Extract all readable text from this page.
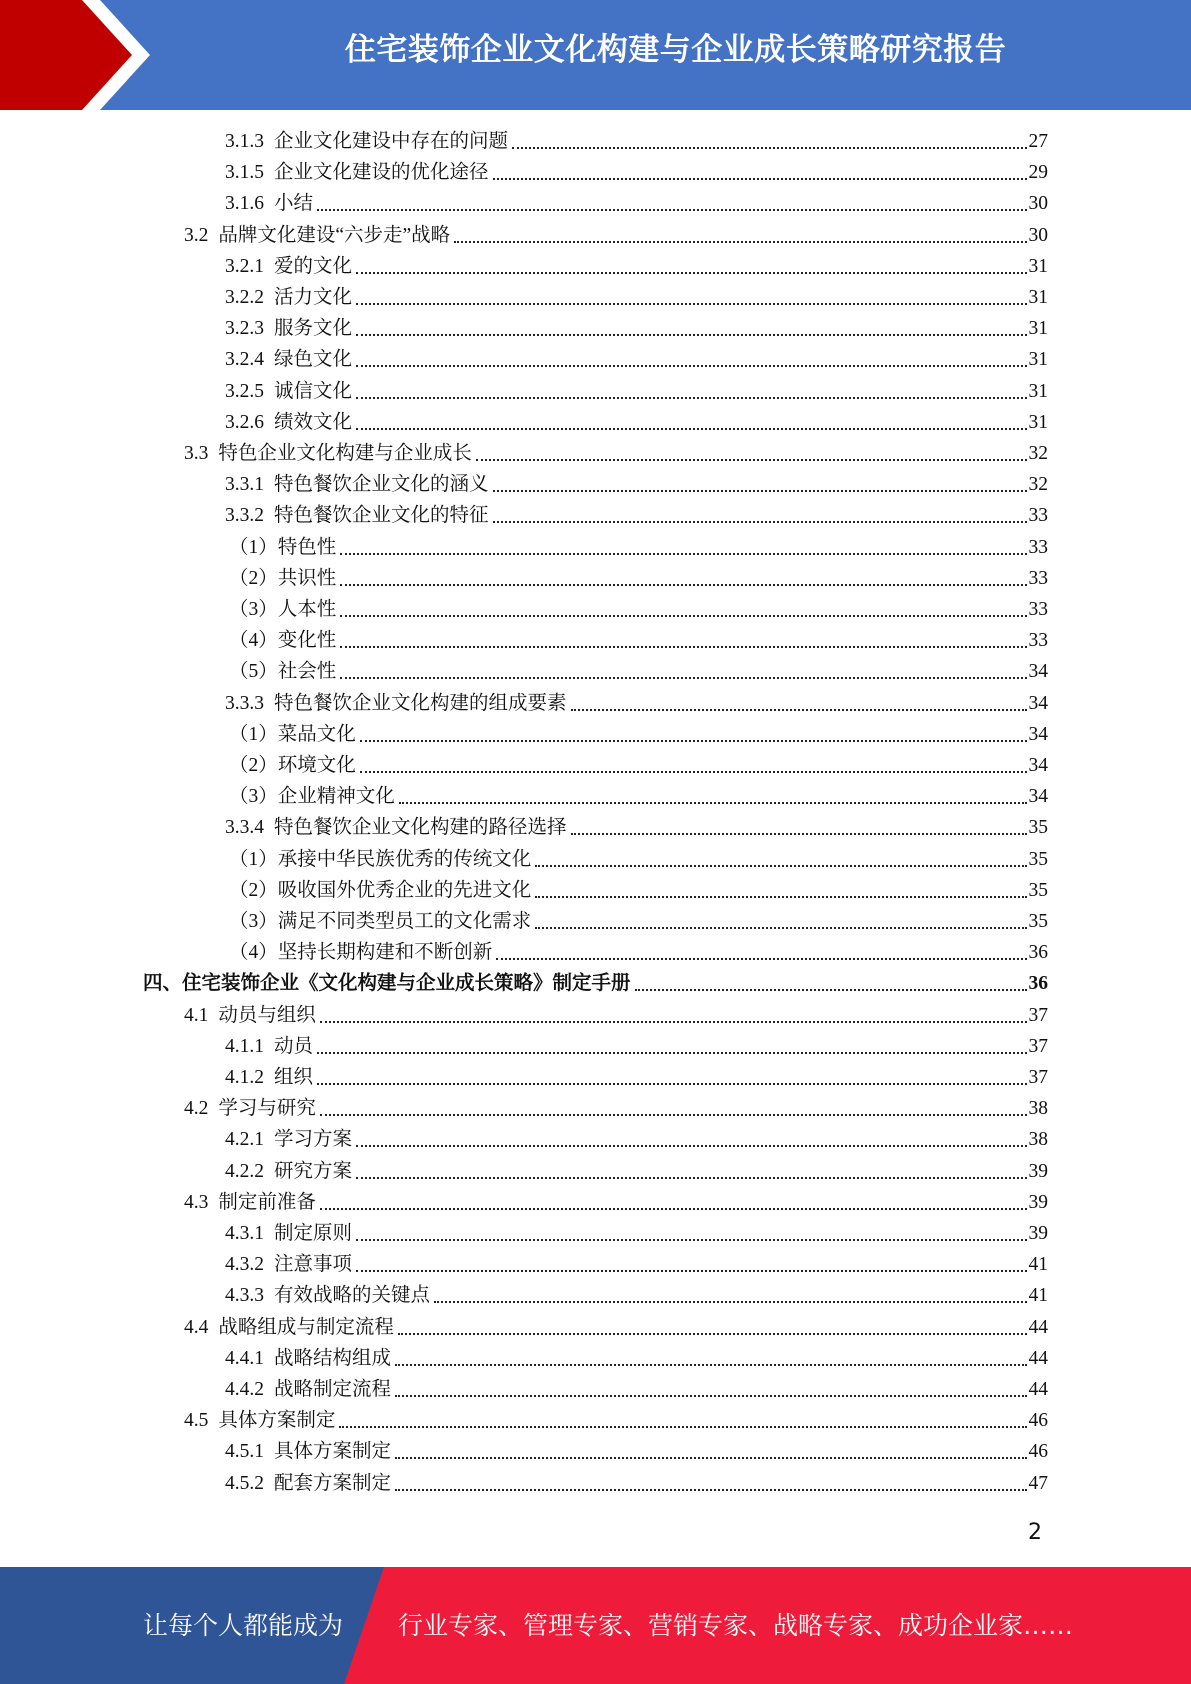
住宅装饰企业文化构建与企业成长策略研究报告
3.1.3 企业文化建设中存在的问题	27
3.1.5 企业文化建设的优化途径	29
3.1.6 小结	30
3.2 品牌文化建设“六步走”战略	30
3.2.1 爱的文化	31
3.2.2 活力文化	31
3.2.3 服务文化	31
3.2.4 绿色文化	31
3.2.5 诚信文化	31
3.2.6 绩效文化	31
3.3 特色企业文化构建与企业成长	32
3.3.1 特色餐饮企业文化的涵义	32
3.3.2 特色餐饮企业文化的特征	33
（1） 特色性	33
（2） 共识性	33
（3） 人本性	33
（4） 变化性	33
（5） 社会性	34
3.3.3 特色餐饮企业文化构建的组成要素	34
（1） 菜品文化	34
（2） 环境文化	34
（3） 企业精神文化	34
3.3.4 特色餐饮企业文化构建的路径选择	35
（1） 承接中华民族优秀的传统文化	35
（2） 吸收国外优秀企业的先进文化	35
（3） 满足不同类型员工的文化需求	35
（4） 坚持长期构建和不断创新	36
四、 住宅装饰企业《文化构建与企业成长策略》制定手册	36
4.1 动员与组织	37
4.1.1 动员	37
4.1.2 组织	37
4.2 学习与研究	38
4.2.1 学习方案	38
4.2.2 研究方案	39
4.3 制定前准备	39
4.3.1 制定原则	39
4.3.2 注意事项	41
4.3.3 有效战略的关键点	41
4.4 战略组成与制定流程	44
4.4.1 战略结构组成	44
4.4.2 战略制定流程	44
4.5 具体方案制定	46
4.5.1 具体方案制定	46
4.5.2 配套方案制定	47
2
让每个人都能成为 行业专家、管理专家、营销专家、战略专家、成功企业家……
